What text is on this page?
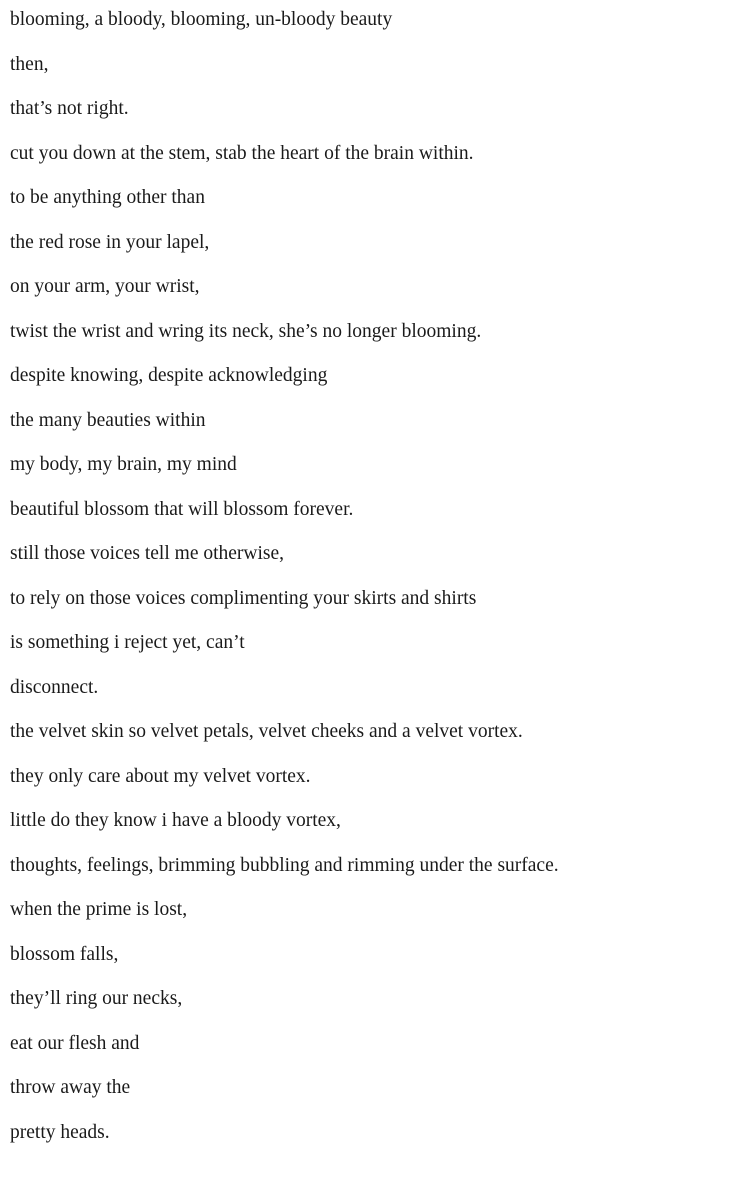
blooming, a bloody, blooming, un-bloody beauty
then,
that’s not right.
cut you down at the stem, stab the heart of the brain within.
to be anything other than
the red rose in your lapel,
on your arm, your wrist,
twist the wrist and wring its neck, she’s no longer blooming.
despite knowing, despite acknowledging
the many beauties within
my body, my brain, my mind
beautiful blossom that will blossom forever.
still those voices tell me otherwise,
to rely on those voices complimenting your skirts and shirts
is something i reject yet, can’t
disconnect.
the velvet skin so velvet petals, velvet cheeks and a velvet vortex.
they only care about my velvet vortex.
little do they know i have a bloody vortex,
thoughts, feelings, brimming bubbling and rimming under the surface.
when the prime is lost,
blossom falls,
they’ll ring our necks,
eat our flesh and
throw away the
pretty heads.
